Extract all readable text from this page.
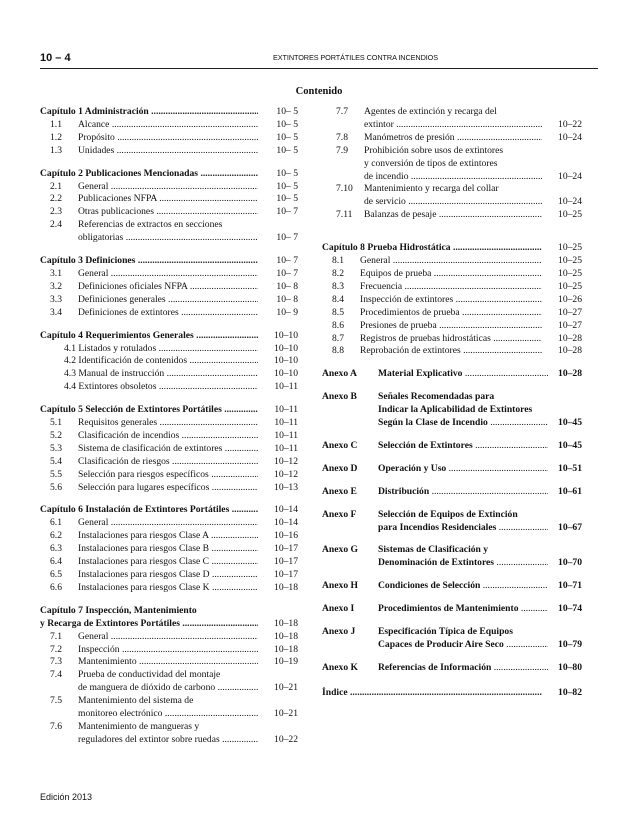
10 – 4	EXTINTORES PORTÁTILES CONTRA INCENDIOS
Contenido
Capítulo 1 Administración .....	10– 5
1.1 Alcance .....	10– 5
1.2 Propósito .....	10– 5
1.3 Unidades .....	10– 5
Capítulo 2 Publicaciones Mencionadas .....	10– 5
2.1 General .....	10– 5
2.2 Publicaciones NFPA .....	10– 5
2.3 Otras publicaciones .....	10– 7
2.4 Referencias de extractos en secciones
obligatorias .....	10– 7
Capítulo 3 Definiciones .....	10– 7
3.1 General .....	10– 7
3.2 Definiciones oficiales NFPA .....	10– 8
3.3 Definiciones generales .....	10– 8
3.4 Definiciones de extintores .....	10– 9
Capítulo 4 Requerimientos Generales .....	10–10
4.1 Listados y rotulados .....	10–10
4.2 Identificación de contenidos .....	10–10
4.3 Manual de instrucción .....	10–10
4.4 Extintores obsoletos .....	10–11
Capítulo 5 Selección de Extintores Portátiles .....	10–11
5.1 Requisitos generales .....	10–11
5.2 Clasificación de incendios .....	10–11
5.3 Sistema de clasificación de extintores .....	10–11
5.4 Clasificación de riesgos .....	10–12
5.5 Selección para riesgos específicos .....	10–12
5.6 Selección para lugares específicos .....	10–13
Capítulo 6 Instalación de Extintores Portátiles .....	10–14
6.1 General .....	10–14
6.2 Instalaciones para riesgos Clase A .....	10–16
6.3 Instalaciones para riesgos Clase B .....	10–17
6.4 Instalaciones para riesgos Clase C .....	10–17
6.5 Instalaciones para riesgos Clase D .....	10–17
6.6 Instalaciones para riesgos Clase K .....	10–18
Capítulo 7 Inspección, Mantenimiento
y Recarga de Extintores Portátiles .....	10–18
7.1 General .....	10–18
7.2 Inspección .....	10–18
7.3 Mantenimiento .....	10–19
7.4 Prueba de conductividad del montaje
de manguera de dióxido de carbono .....	10–21
7.5 Mantenimiento del sistema de
monitoreo electrónico .....	10–21
7.6 Mantenimiento de mangueras y
reguladores del extintor sobre ruedas .....	10–22
7.7 Agentes de extinción y recarga del
extintor .....	10–22
7.8 Manómetros de presión .....	10–24
7.9 Prohibición sobre usos de extintores
y conversión de tipos de extintores
de incendio .....	10–24
7.10 Mantenimiento y recarga del collar
de servicio .....	10–24
7.11 Balanzas de pesaje .....	10–25
Capítulo 8 Prueba Hidrostática .....	10–25
8.1 General .....	10–25
8.2 Equipos de prueba .....	10–25
8.3 Frecuencia .....	10–25
8.4 Inspección de extintores .....	10–26
8.5 Procedimientos de prueba .....	10–27
8.6 Presiones de prueba .....	10–27
8.7 Registros de pruebas hidrostáticas .....	10–28
8.8 Reprobación de extintores .....	10–28
Anexo A Material Explicativo .....	10–28
Anexo B Señales Recomendadas para
Indicar la Aplicabilidad de Extintores
Según la Clase de Incendio .....	10–45
Anexo C Selección de Extintores .....	10–45
Anexo D Operación y Uso .....	10–51
Anexo E Distribución .....	10–61
Anexo F Selección de Equipos de Extinción
para Incendios Residenciales .....	10–67
Anexo G Sistemas de Clasificación y
Denominación de Extintores .....	10–70
Anexo H Condiciones de Selección .....	10–71
Anexo I Procedimientos de Mantenimiento .....	10–74
Anexo J Especificación Típica de Equipos
Capaces de Producir Aire Seco .....	10–79
Anexo K Referencias de Información .....	10–80
Índice .....	10–82
Edición 2013
